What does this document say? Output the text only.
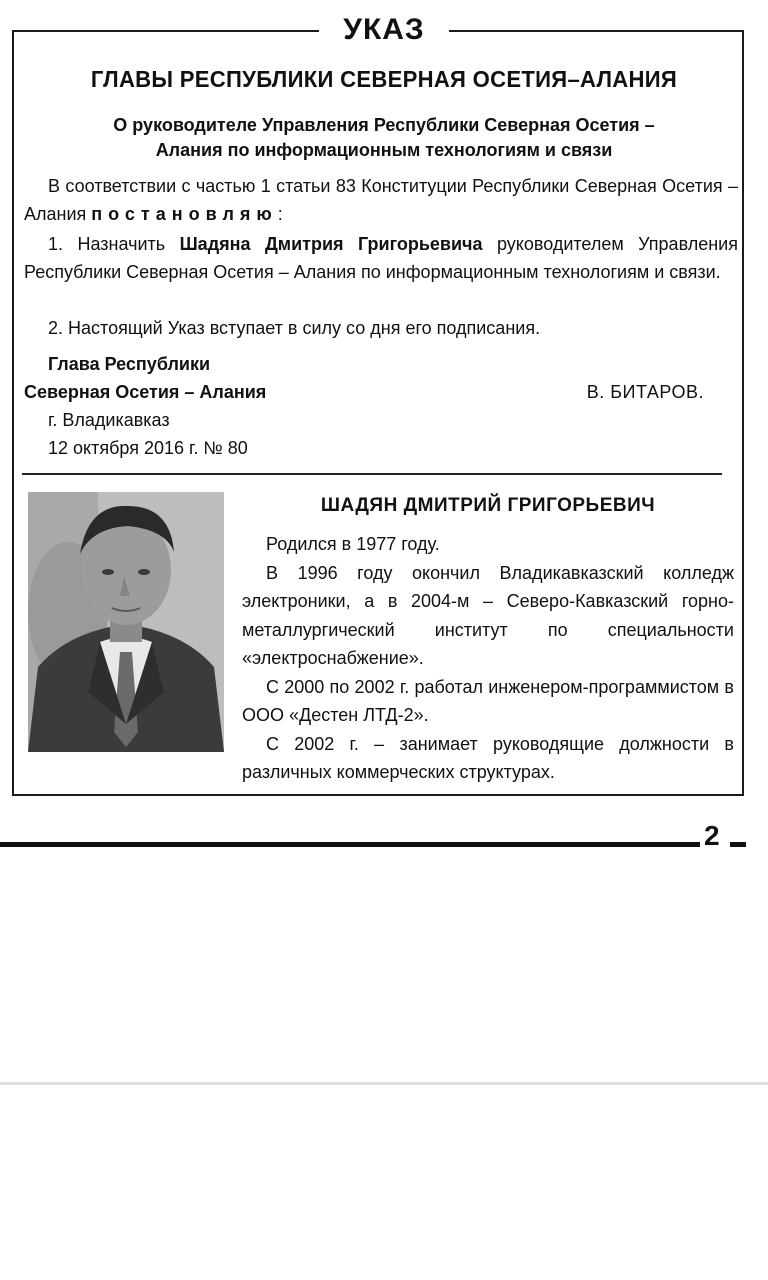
УКАЗ
ГЛАВЫ РЕСПУБЛИКИ СЕВЕРНАЯ ОСЕТИЯ–АЛАНИЯ
О руководителе Управления Республики Северная Осетия –
Алания по информационным технологиям и связи
В соответствии с частью 1 статьи 83 Конституции Республики Северная Осетия – Алания постановляю:
1. Назначить Шадяна Дмитрия Григорьевича руководителем Управления Республики Северная Осетия – Алания по информационным технологиям и связи.
2. Настоящий Указ вступает в силу со дня его подписания.
Глава Республики
Северная Осетия – Алания	В. БИТАРОВ.
г. Владикавказ
12 октября 2016 г. № 80
ШАДЯН ДМИТРИЙ ГРИГОРЬЕВИЧ
Родился в 1977 году.
В 1996 году окончил Владикавказский колледж электроники, а в 2004-м – Северо-Кавказский горно-металлургический институт по специальности «электроснабжение».
С 2000 по 2002 г. работал инженером-программистом в ООО «Дестен ЛТД-2».
С 2002 г. – занимает руководящие должности в различных коммерческих структурах.
2
